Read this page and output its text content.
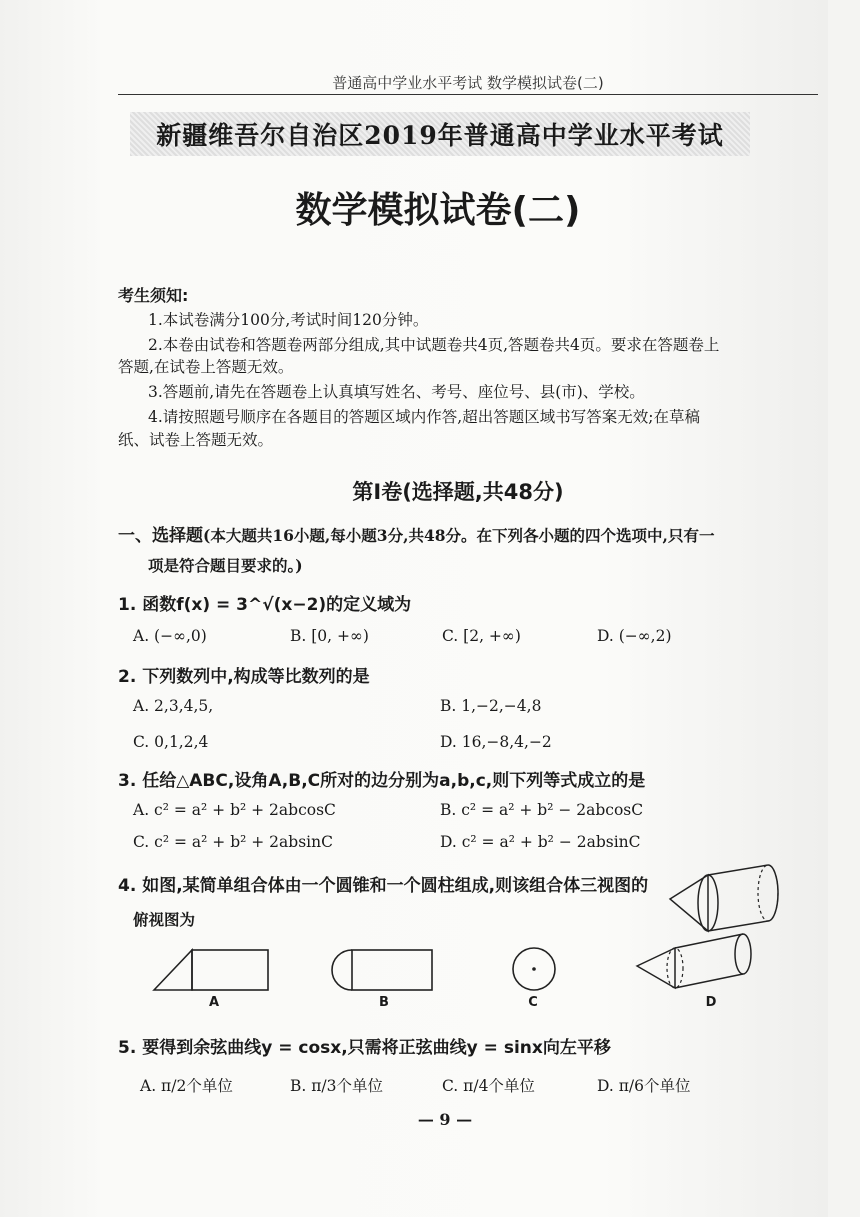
普通高中学业水平考试 数学模拟试卷(二)
新疆维吾尔自治区2019年普通高中学业水平考试
数学模拟试卷(二)
考生须知:
1.本试卷满分100分,考试时间120分钟。
2.本卷由试卷和答题卷两部分组成,其中试题卷共4页,答题卷共4页。要求在答题卷上
答题,在试卷上答题无效。
3.答题前,请先在答题卷上认真填写姓名、考号、座位号、县(市)、学校。
4.请按照题号顺序在各题目的答题区域内作答,超出答题区域书写答案无效;在草稿
纸、试卷上答题无效。
第Ⅰ卷(选择题,共48分)
一、选择题(本大题共16小题,每小题3分,共48分。在下列各小题的四个选项中,只有一
项是符合题目要求的。)
1. 函数f(x) = 3^√(x−2)的定义域为
A. (−∞,0)	B. [0, +∞)	C. [2, +∞)	D. (−∞,2)
2. 下列数列中,构成等比数列的是
A. 2,3,4,5,	B. 1,−2,−4,8
C. 0,1,2,4	D. 16,−8,4,−2
3. 任给△ABC,设角A,B,C所对的边分别为a,b,c,则下列等式成立的是
A. c² = a² + b² + 2abcosC	B. c² = a² + b² − 2abcosC
C. c² = a² + b² + 2absinC	D. c² = a² + b² − 2absinC
4. 如图,某简单组合体由一个圆锥和一个圆柱组成,则该组合体三视图的
俯视图为
A	B	C	D
5. 要得到余弦曲线y = cosx,只需将正弦曲线y = sinx向左平移
A. π/2个单位	B. π/3个单位	C. π/4个单位	D. π/6个单位
— 9 —
